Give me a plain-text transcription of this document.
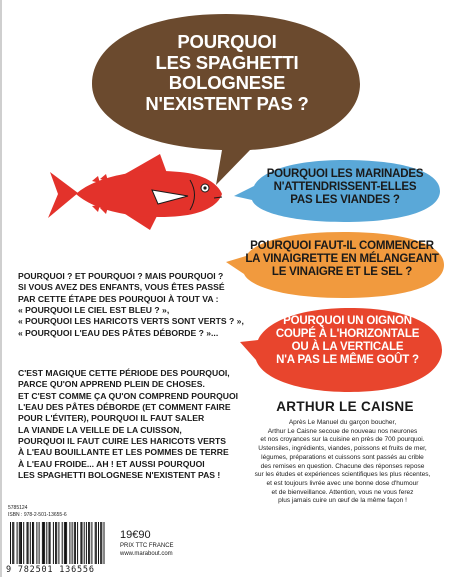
POURQUOI
LES SPAGHETTI
BOLOGNESE
N'EXISTENT PAS ?
POURQUOI LES MARINADES
N'ATTENDRISSENT-ELLES
PAS LES VIANDES ?
POURQUOI FAUT-IL COMMENCER
LA VINAIGRETTE EN MÉLANGEANT
LE VINAIGRE ET LE SEL ?
POURQUOI UN OIGNON
COUPÉ À L'HORIZONTALE
OU À LA VERTICALE
N'A PAS LE MÊME GOÛT ?

POURQUOI ? ET POURQUOI ? MAIS POURQUOI ?
SI VOUS AVEZ DES ENFANTS, VOUS ÊTES PASSÉ
PAR CETTE ÉTAPE DES POURQUOI À TOUT VA :
« POURQUOI LE CIEL EST BLEU ? »,
« POURQUOI LES HARICOTS VERTS SONT VERTS ? »,
« POURQUOI L'EAU DES PÂTES DÉBORDE ? »...

C'EST MAGIQUE CETTE PÉRIODE DES POURQUOI,
PARCE QU'ON APPREND PLEIN DE CHOSES.
ET C'EST COMME ÇA QU'ON COMPREND POURQUOI
L'EAU DES PÂTES DÉBORDE (ET COMMENT FAIRE
POUR L'ÉVITER), POURQUOI IL FAUT SALER
LA VIANDE LA VEILLE DE LA CUISSON,
POURQUOI IL FAUT CUIRE LES HARICOTS VERTS
À L'EAU BOUILLANTE ET LES POMMES DE TERRE
À L'EAU FROIDE... AH ! ET AUSSI POURQUOI
LES SPAGHETTI BOLOGNESE N'EXISTENT PAS !

ARTHUR LE CAISNE
Après Le Manuel du garçon boucher,
Arthur Le Caisne secoue de nouveau nos neurones
et nos croyances sur la cuisine en près de 700 pourquoi.
Ustensiles, ingrédients, viandes, poissons et fruits de mer,
légumes, préparations et cuissons sont passés au crible
des remises en question. Chacune des réponses repose
sur les études et expériences scientifiques les plus récentes,
et est toujours livrée avec une bonne dose d'humour
et de bienveillance. Attention, vous ne vous ferez
plus jamais cuire un œuf de la même façon !
5785124
ISBN : 978-2-501-13655-6
19€90
PRIX TTC FRANCE
www.marabout.com
9 782501 136556
